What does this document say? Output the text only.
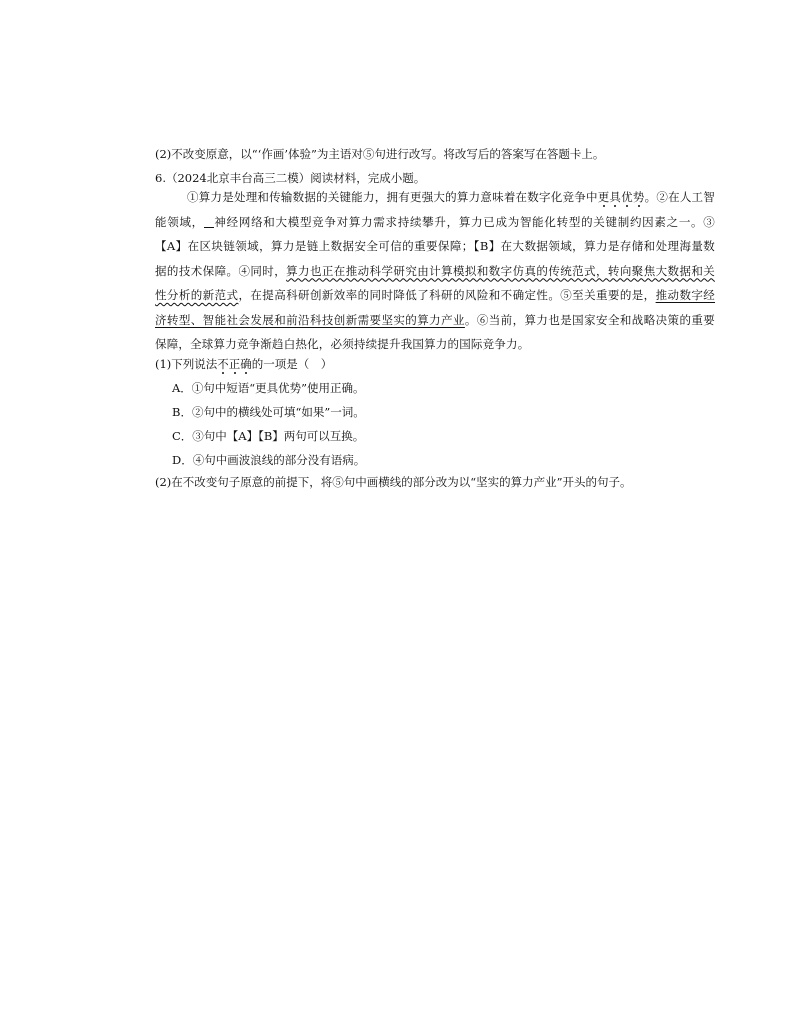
(2)不改变原意，以“‘作画’体验”为主语对⑤句进行改写。将改写后的答案写在答题卡上。
6.（2024北京丰台高三二模）阅读材料，完成小题。
①算力是处理和传输数据的关键能力，拥有更强大的算力意味着在数字化竞争中更具优势。②在人工智能领域， 神经网络和大模型竞争对算力需求持续攀升，算力已成为智能化转型的关键制约因素之一。③【A】在区块链领域，算力是链上数据安全可信的重要保障；【B】在大数据领域，算力是存储和处理海量数据的技术保障。④同时，算力也正在推动科学研究由计算模拟和数字仿真的传统范式，转向聚焦大数据和关性分析的新范式，在提高科研创新效率的同时降低了科研的风险和不确定性。⑤至关重要的是，推动数字经济转型、智能社会发展和前沿科技创新需要坚实的算力产业。⑥当前，算力也是国家安全和战略决策的重要保障，全球算力竞争渐趋白热化，必须持续提升我国算力的国际竞争力。
(1)下列说法不正确的一项是（　）
A．①句中短语“更具优势”使用正确。
B．②句中的横线处可填“如果”一词。
C．③句中【A】【B】两句可以互换。
D．④句中画波浪线的部分没有语病。
(2)在不改变句子原意的前提下，将⑤句中画横线的部分改为以“坚实的算力产业”开头的句子。
